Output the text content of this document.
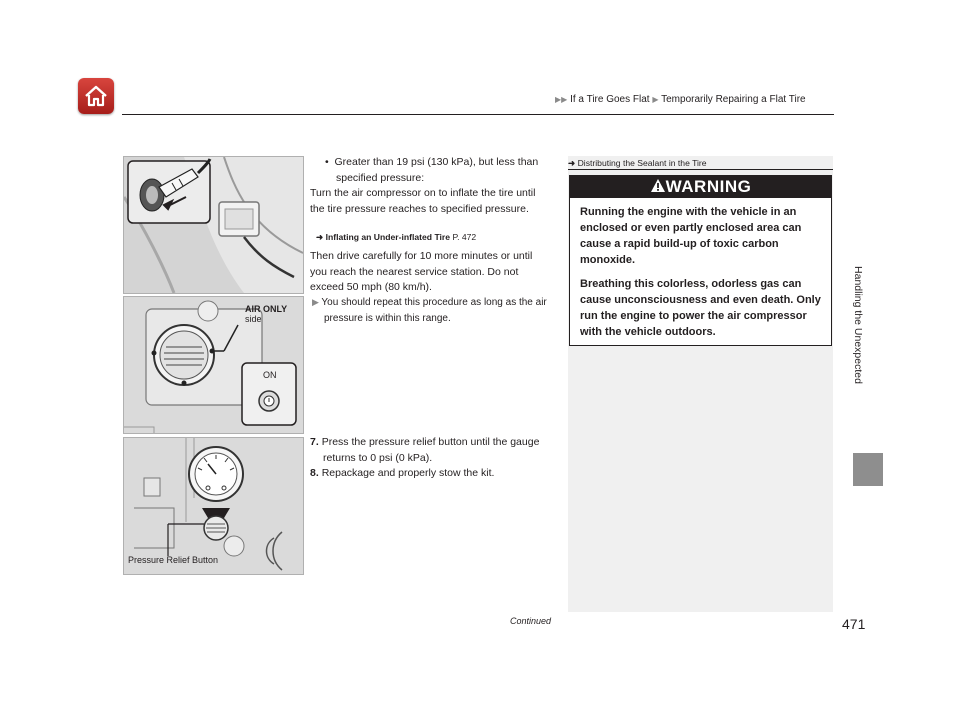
▶▶ If a Tire Goes Flat ▶ Temporarily Repairing a Flat Tire
Handling the Unexpected
AIR ONLY
side
ON
Pressure Relief Button
•  Greater than 19 psi (130 kPa), but less than specified pressure:
Turn the air compressor on to inflate the tire until the tire pressure reaches to specified pressure.
➜ Inflating an Under-inflated Tire P. 472
Then drive carefully for 10 more minutes or until you reach the nearest service station. Do not exceed 50 mph (80 km/h).
▶ You should repeat this procedure as long as the air pressure is within this range.
7. Press the pressure relief button until the gauge returns to 0 psi (0 kPa).
8. Repackage and properly stow the kit.
➜ Distributing the Sealant in the Tire
WARNING
Running the engine with the vehicle in an enclosed or even partly enclosed area can cause a rapid build-up of toxic carbon monoxide.
Breathing this colorless, odorless gas can cause unconsciousness and even death. Only run the engine to power the air compressor with the vehicle outdoors.
Continued	471
